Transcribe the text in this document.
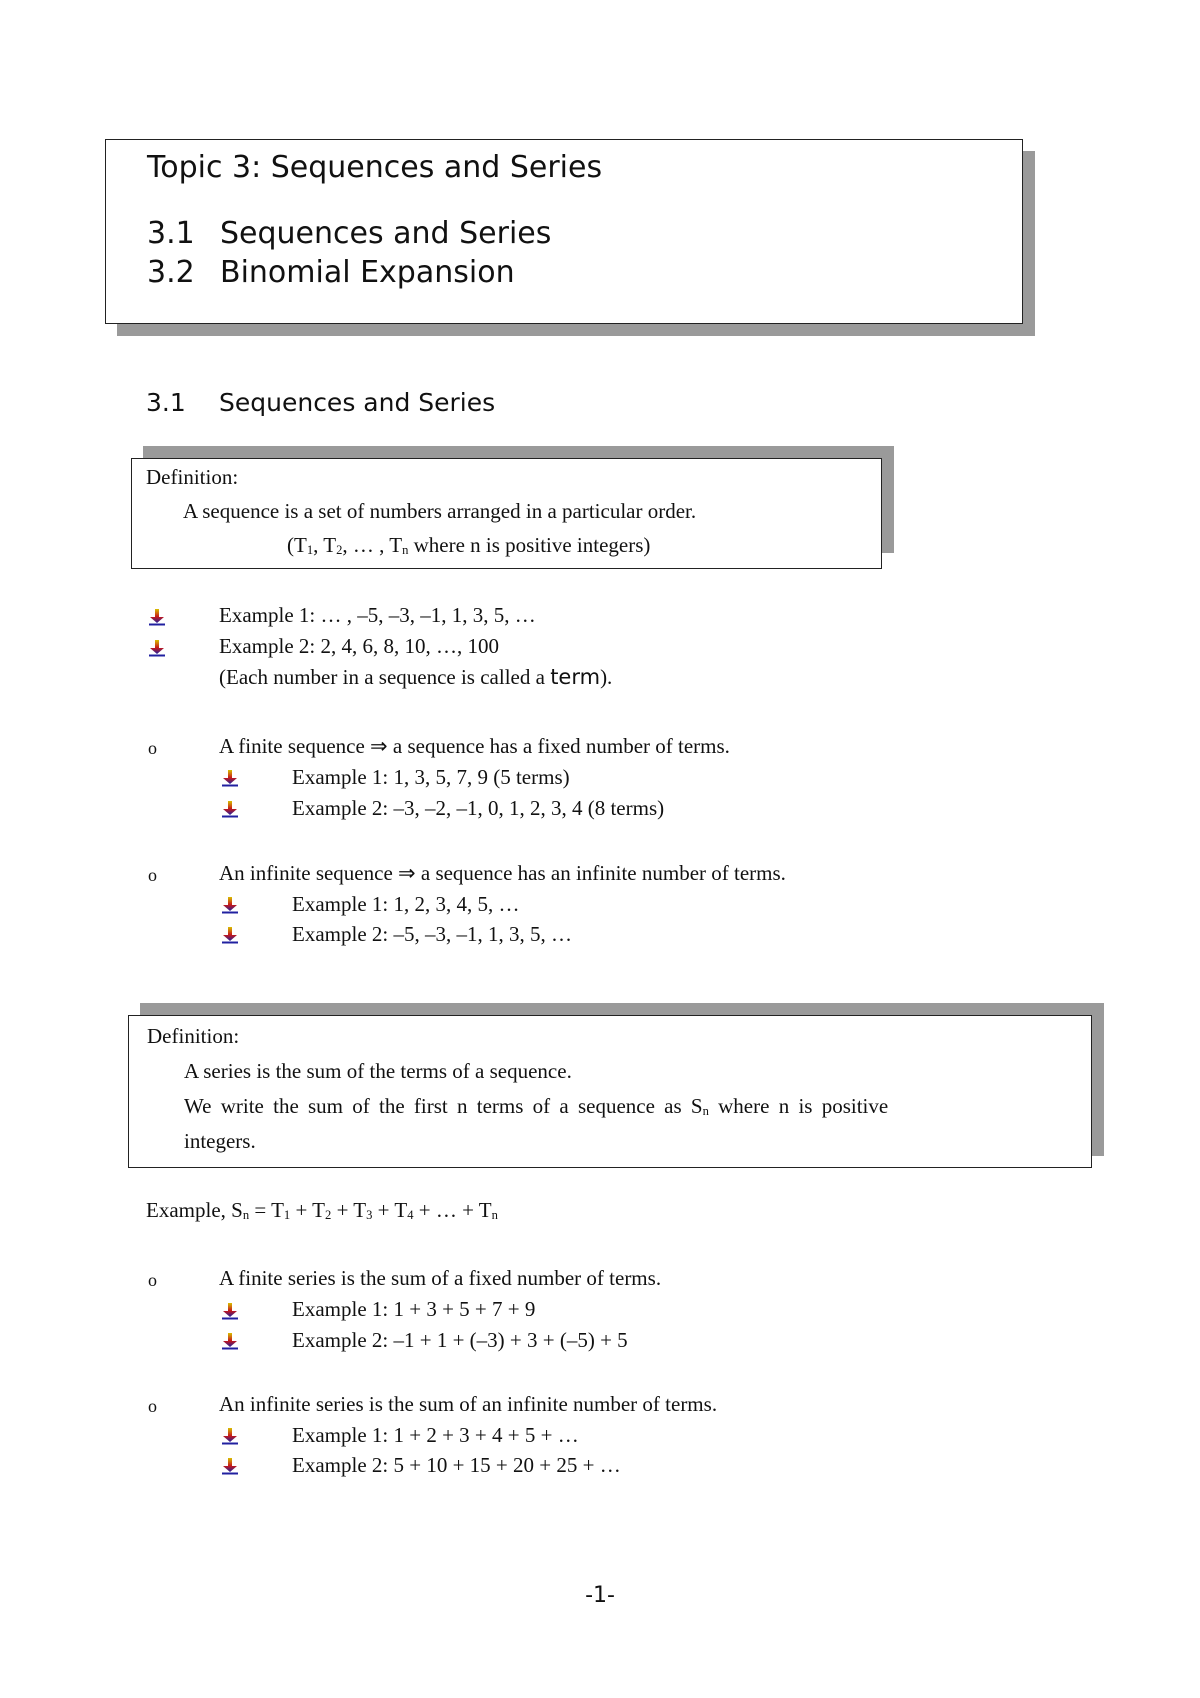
Topic 3: Sequences and Series
3.1 Sequences and Series
3.2 Binomial Expansion
3.1 Sequences and Series
Definition:
A sequence is a set of numbers arranged in a particular order.
($T_1$, $T_2$, … , $T_n$ where n is positive integers)
Example 1: … , –5, –3, –1, 1, 3, 5, …
Example 2: 2, 4, 6, 8, 10, …, 100
(Each number in a sequence is called a term).
o	A finite sequence ⇒ a sequence has a fixed number of terms.
Example 1: 1, 3, 5, 7, 9 (5 terms)
Example 2: –3, –2, –1, 0, 1, 2, 3, 4 (8 terms)
o	An infinite sequence ⇒ a sequence has an infinite number of terms.
Example 1: 1, 2, 3, 4, 5, …
Example 2: –5, –3, –1, 1, 3, 5, …
Definition:
A series is the sum of the terms of a sequence.
We write the sum of the first n terms of a sequence as $S_n$ where n is positive
integers.
Example, $S_n = T_1 + T_2 + T_3 + T_4$ + … + $T_n$
o	A finite series is the sum of a fixed number of terms.
Example 1: 1 + 3 + 5 + 7 + 9
Example 2: –1 + 1 + (–3) + 3 + (–5) + 5
o	An infinite series is the sum of an infinite number of terms.
Example 1: 1 + 2 + 3 + 4 + 5 + …
Example 2: 5 + 10 + 15 + 20 + 25 + …
-1-
